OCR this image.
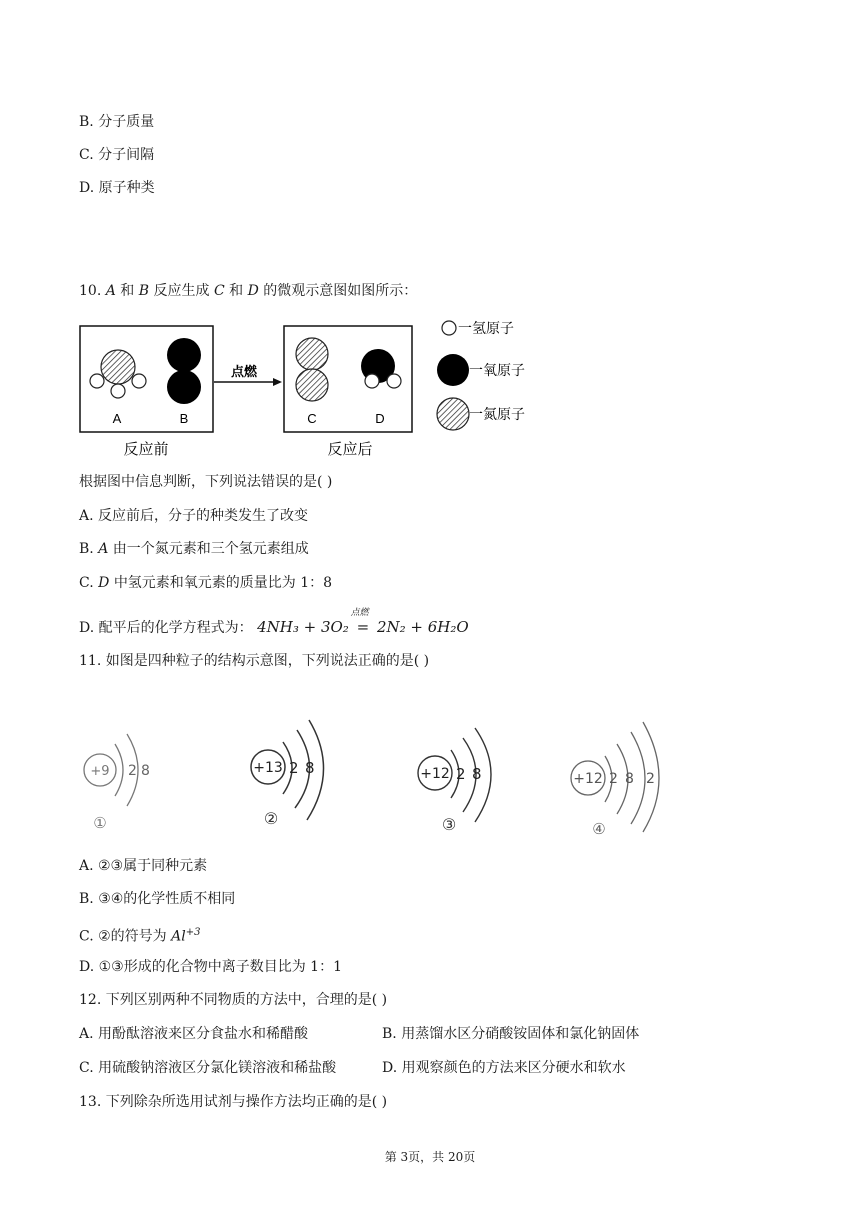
B. 分子质量
C. 分子间隔
D. 原子种类
10. A 和 B 反应生成 C 和 D 的微观示意图如图所示：
A	B
反应前
点燃
C	D
反应后
一氢原子
一氧原子
一氮原子
根据图中信息判断，下列说法错误的是( )
A. 反应前后，分子的种类发生了改变
B. A 由一个氮元素和三个氢元素组成
C. D 中氢元素和氧元素的质量比为 1：8
D. 配平后的化学方程式为： 4NH₃ + 3O₂
点燃
= 2N₂ + 6H₂O
11. 如图是四种粒子的结构示意图，下列说法正确的是( )
+9 2 8
①
+13 2 8
②
+12 2 8
③
+12 2 8 2
④
A. ②③属于同种元素
B. ③④的化学性质不相同
C. ②的符号为 $Al^{+3}$
D. ①③形成的化合物中离子数目比为 1：1
12. 下列区别两种不同物质的方法中，合理的是( )
A. 用酚酞溶液来区分食盐水和稀醋酸	B. 用蒸馏水区分硝酸铵固体和氯化钠固体
C. 用硫酸钠溶液区分氯化镁溶液和稀盐酸	D. 用观察颜色的方法来区分硬水和软水
13. 下列除杂所选用试剂与操作方法均正确的是( )
第 3页，共 20页
